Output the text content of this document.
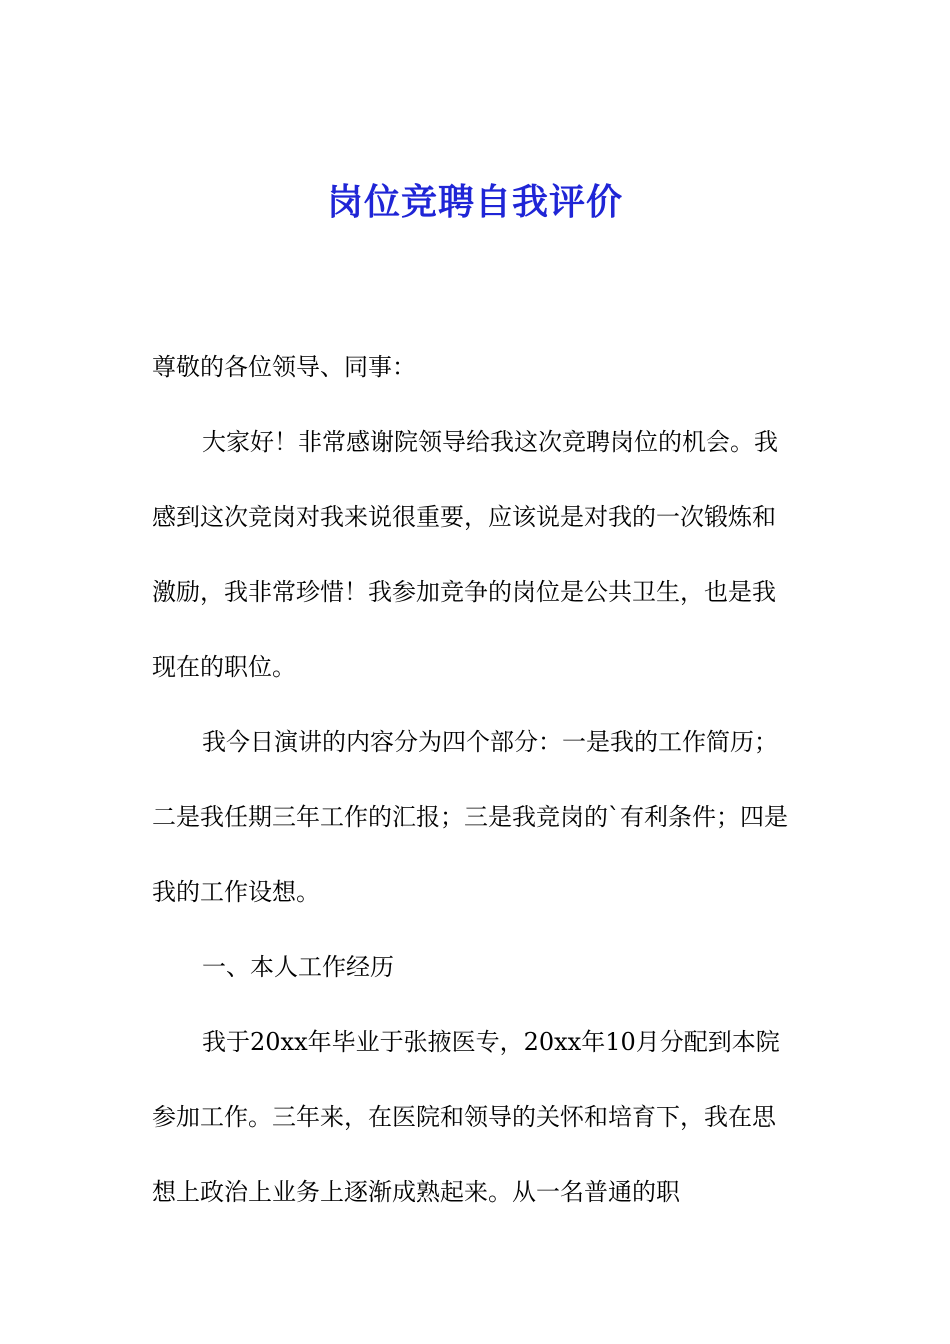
岗位竞聘自我评价

尊敬的各位领导、同事：

大家好！非常感谢院领导给我这次竞聘岗位的机会。我感到这次竞岗对我来说很重要，应该说是对我的一次锻炼和激励，我非常珍惜！我参加竞争的岗位是公共卫生，也是我现在的职位。

我今日演讲的内容分为四个部分：一是我的工作简历；二是我任期三年工作的汇报；三是我竞岗的`有利条件；四是我的工作设想。

一、本人工作经历

我于20xx年毕业于张掖医专，20xx年10月分配到本院参加工作。三年来，在医院和领导的关怀和培育下，我在思想上政治上业务上逐渐成熟起来。从一名普通的职
